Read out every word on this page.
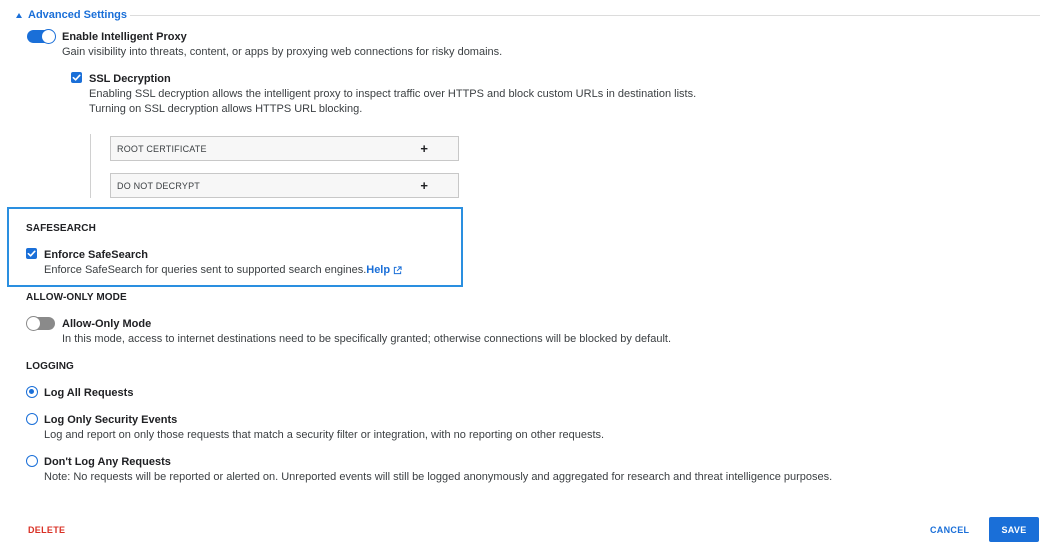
Advanced Settings
Enable Intelligent Proxy
Gain visibility into threats, content, or apps by proxying web connections for risky domains.
SSL Decryption
Enabling SSL decryption allows the intelligent proxy to inspect traffic over HTTPS and block custom URLs in destination lists.
Turning on SSL decryption allows HTTPS URL blocking.
ROOT CERTIFICATE	+
DO NOT DECRYPT	+
SAFESEARCH
Enforce SafeSearch
Enforce SafeSearch for queries sent to supported search engines.Help
ALLOW-ONLY MODE
Allow-Only Mode
In this mode, access to internet destinations need to be specifically granted; otherwise connections will be blocked by default.
LOGGING
Log All Requests
Log Only Security Events
Log and report on only those requests that match a security filter or integration, with no reporting on other requests.
Don't Log Any Requests
Note: No requests will be reported or alerted on. Unreported events will still be logged anonymously and aggregated for research and threat intelligence purposes.
DELETE	CANCEL	SAVE
